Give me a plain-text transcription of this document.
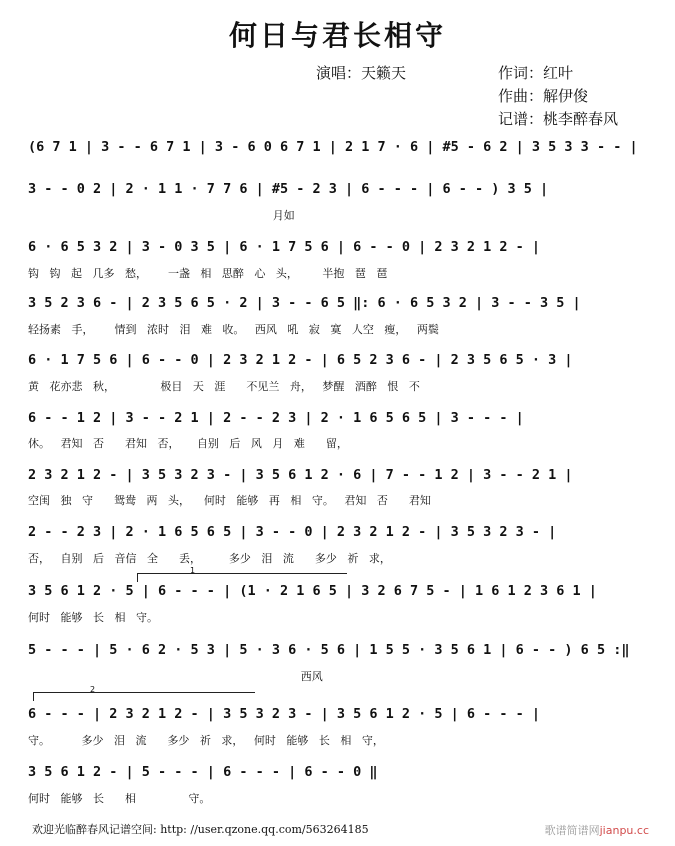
何日与君长相守
演唱：天籁天	作词：红叶
作曲：解伊俊
记谱：桃李醉春风
(6 7 1 | 3 - - 6 7 1 | 3 - 6 0 6 7 1 | 2 1 7 · 6 | #5 - 6 2 | 3 5 3 3 - - |
3 - - 0 2 | 2 · 1 1 · 7 7 6 | #5 - 2 3 | 6 - - - | 6 - - ) 3 5 |
月如
6 · 6 5 3 2 | 3 - 0 3 5 | 6 · 1 7 5 6 | 6 - - 0 | 2 3 2 1 2 - |
钩   钩   起   几多   愁，      一盏   相   思醉   心   头，       半抱   琶   琶
3 5 2 3 6 - | 2 3 5 6 5 · 2 | 3 - - 6 5 ‖: 6 · 6 5 3 2 | 3 - - 3 5 |
轻扬素   手，      情到   浓时   泪   难   收。   西风   吼   寂   寞   人空   瘦，   两鬓
6 · 1 7 5 6 | 6 - - 0 | 2 3 2 1 2 - | 6 5 2 3 6 - | 2 3 5 6 5 · 3 |
黄   花亦悲   秋，             极目   天   涯      不见兰   舟，   梦醒   酒醉   恨   不
6 - - 1 2 | 3 - - 2 1 | 2 - - 2 3 | 2 · 1 6 5 6 5 | 3 - - - |
休。   君知   否      君知   否，     自别   后   风   月   难      留，
2 3 2 1 2 - | 3 5 3 2 3 - | 3 5 6 1 2 · 6 | 7 - - 1 2 | 3 - - 2 1 |
空闺   独   守      鸳鸯   两   头，    何时   能够   再   相   守。   君知   否      君知
2 - - 2 3 | 2 · 1 6 5 6 5 | 3 - - 0 | 2 3 2 1 2 - | 3 5 3 2 3 - |
否，   自别   后   音信   全      丢，        多少   泪   流      多少   祈   求，
1
3 5 6 1 2 · 5 | 6 - - - | (1 · 2 1 6 5 | 3 2 6 7 5 - | 1 6 1 2 3 6 1 |
何时   能够   长   相   守。
5 - - - | 5 · 6 2 · 5 3 | 5 · 3 6 · 5 6 | 1 5 5 · 3 5 6 1 | 6 - - ) 6 5 :‖
西风
2
6 - - - | 2 3 2 1 2 - | 3 5 3 2 3 - | 3 5 6 1 2 · 5 | 6 - - - |
守。         多少   泪   流      多少   祈   求，   何时   能够   长   相   守，
3 5 6 1 2 - | 5 - - - | 6 - - - | 6 - - 0 ‖
何时   能够   长      相               守。
欢迎光临醉春风记谱空间: http: //user.qzone.qq.com/563264185	歌谱简谱网jianpu.cc
